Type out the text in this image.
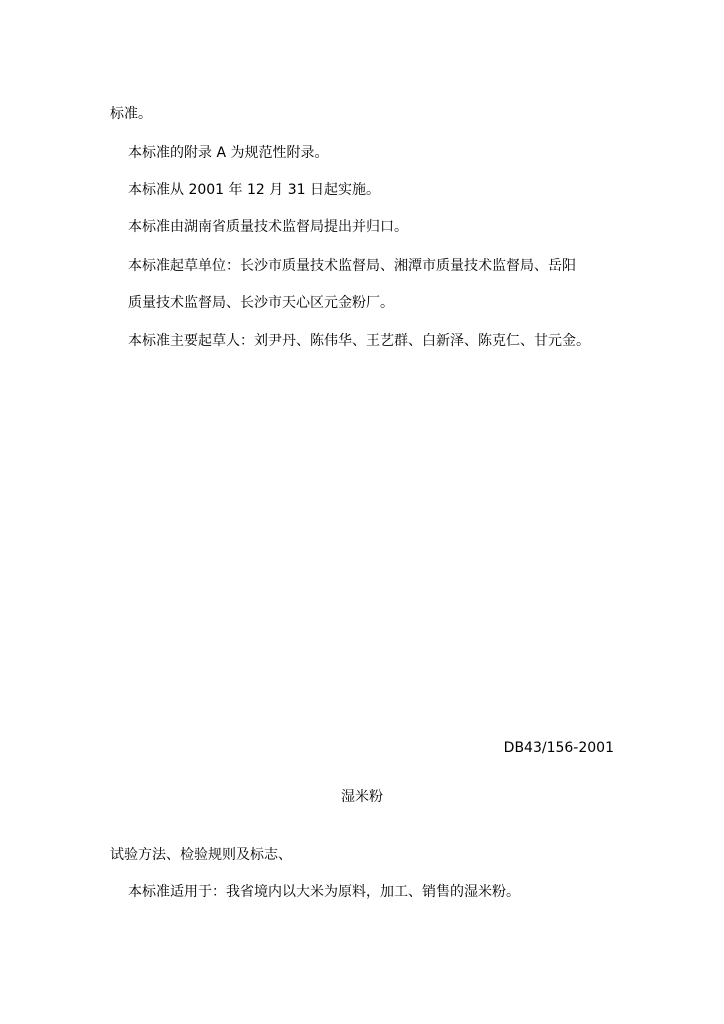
标准。
本标准的附录 A 为规范性附录。
本标准从 2001 年 12 月 31 日起实施。
本标准由湖南省质量技术监督局提出并归口。
本标准起草单位：长沙市质量技术监督局、湘潭市质量技术监督局、岳阳
质量技术监督局、长沙市天心区元金粉厂。
本标准主要起草人：刘尹丹、陈伟华、王艺群、白新泽、陈克仁、甘元金。
DB43/156-2001
湿米粉
试验方法、检验规则及标志、
本标准适用于：我省境内以大米为原料，加工、销售的湿米粉。
